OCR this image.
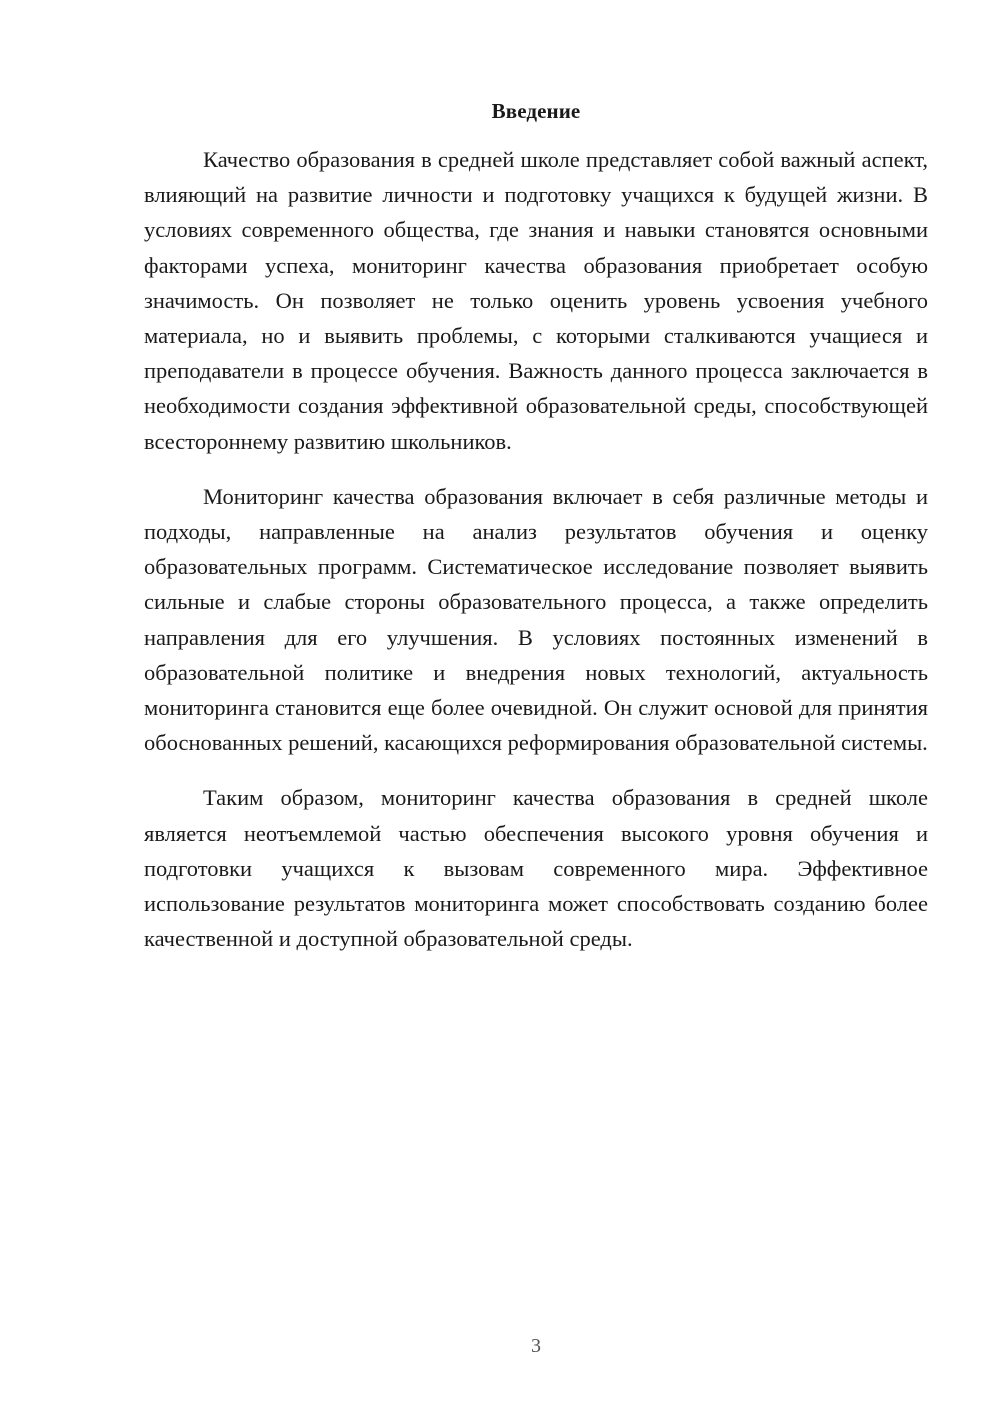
Введение

Качество образования в средней школе представляет собой важный аспект, влияющий на развитие личности и подготовку учащихся к будущей жизни. В условиях современного общества, где знания и навыки становятся основными факторами успеха, мониторинг качества образования приобретает особую значимость. Он позволяет не только оценить уровень усвоения учебного материала, но и выявить проблемы, с которыми сталкиваются учащиеся и преподаватели в процессе обучения. Важность данного процесса заключается в необходимости создания эффективной образовательной среды, способствующей всестороннему развитию школьников.

Мониторинг качества образования включает в себя различные методы и подходы, направленные на анализ результатов обучения и оценку образовательных программ. Систематическое исследование позволяет выявить сильные и слабые стороны образовательного процесса, а также определить направления для его улучшения. В условиях постоянных изменений в образовательной политике и внедрения новых технологий, актуальность мониторинга становится еще более очевидной. Он служит основой для принятия обоснованных решений, касающихся реформирования образовательной системы.

Таким образом, мониторинг качества образования в средней школе является неотъемлемой частью обеспечения высокого уровня обучения и подготовки учащихся к вызовам современного мира. Эффективное использование результатов мониторинга может способствовать созданию более качественной и доступной образовательной среды.

3
